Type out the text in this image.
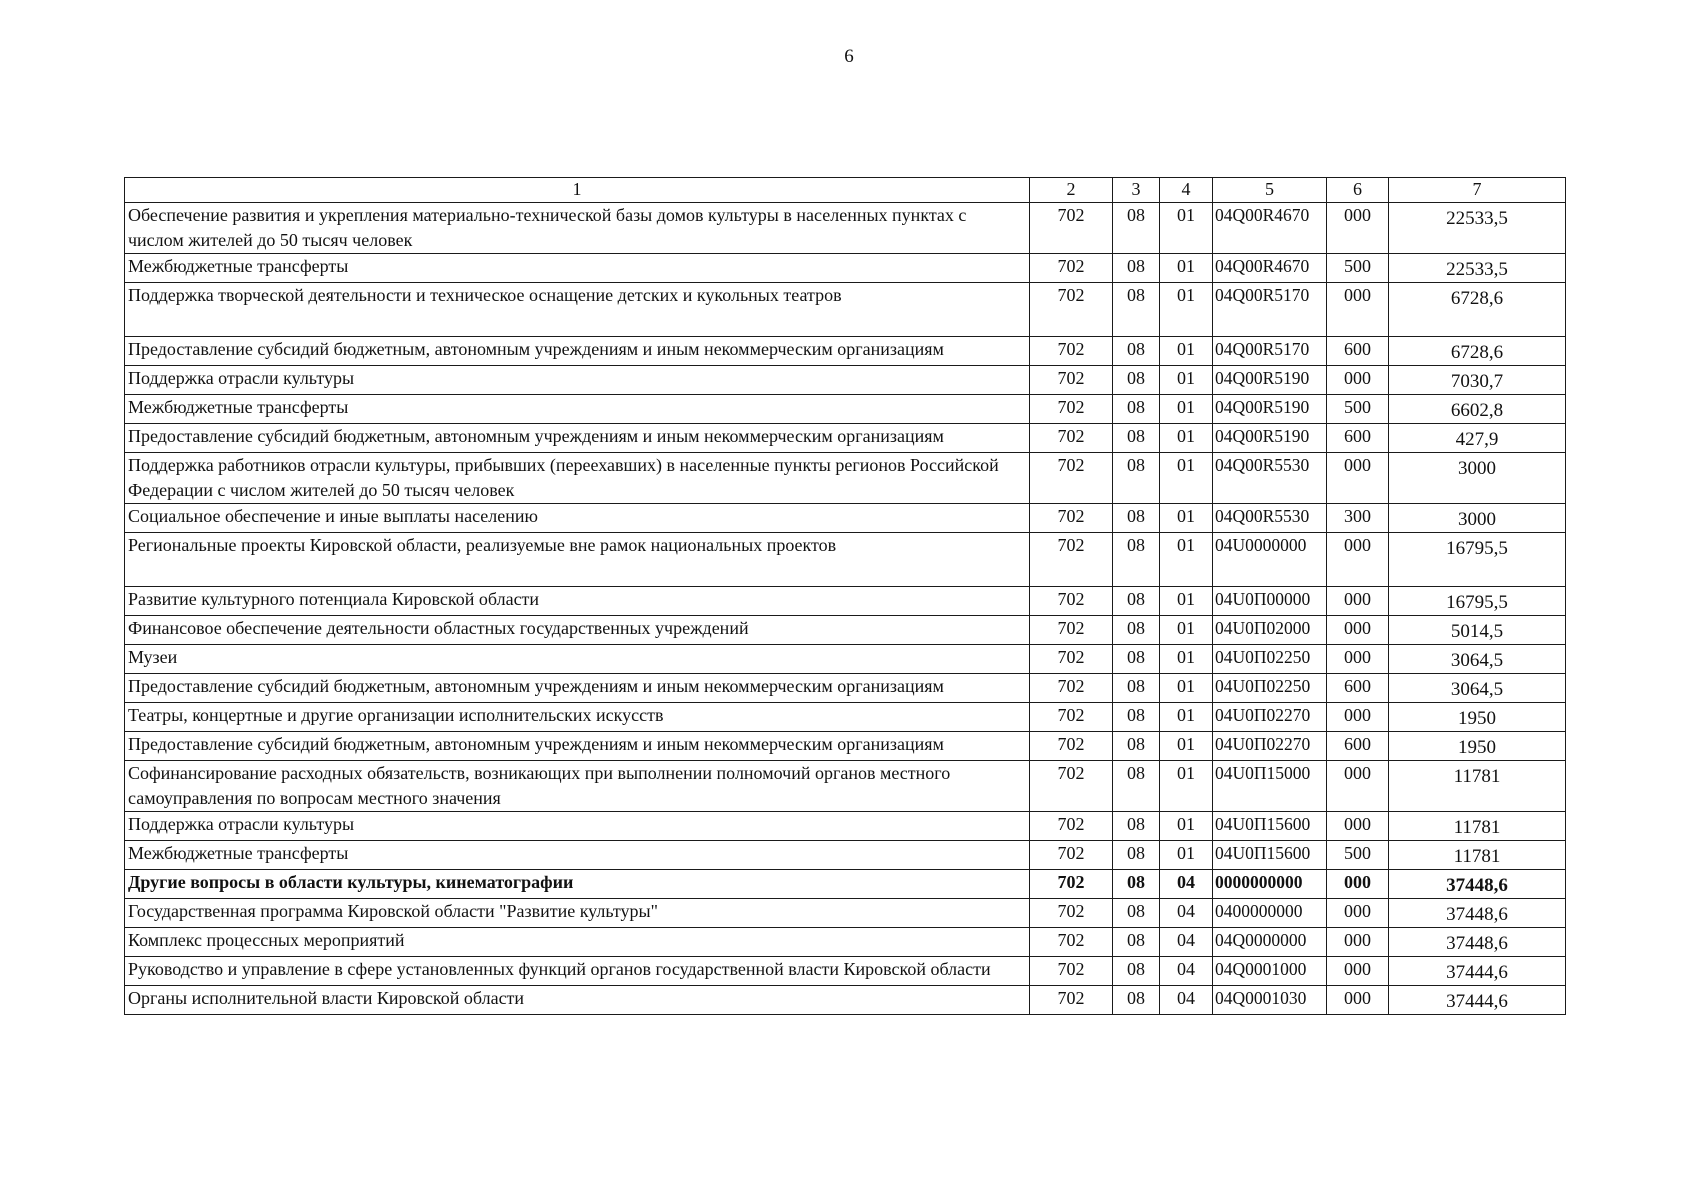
6
1	2	3	4	5	6	7
Обеспечение развития и укрепления материально-технической базы домов культуры в населенных пунктах с числом жителей до 50 тысяч человек	702	08	01	04Q00R4670	000	22533,5
Межбюджетные трансферты	702	08	01	04Q00R4670	500	22533,5
Поддержка творческой деятельности и техническое оснащение детских и кукольных театров	702	08	01	04Q00R5170	000	6728,6
Предоставление субсидий бюджетным, автономным учреждениям и иным некоммерческим организациям	702	08	01	04Q00R5170	600	6728,6
Поддержка отрасли культуры	702	08	01	04Q00R5190	000	7030,7
Межбюджетные трансферты	702	08	01	04Q00R5190	500	6602,8
Предоставление субсидий бюджетным, автономным учреждениям и иным некоммерческим организациям	702	08	01	04Q00R5190	600	427,9
Поддержка работников отрасли культуры, прибывших (переехавших) в населенные пункты регионов Российской Федерации с числом жителей до 50 тысяч человек	702	08	01	04Q00R5530	000	3000
Социальное обеспечение и иные выплаты населению	702	08	01	04Q00R5530	300	3000
Региональные проекты Кировской области, реализуемые вне рамок национальных проектов	702	08	01	04U0000000	000	16795,5
Развитие культурного потенциала Кировской области	702	08	01	04U0П00000	000	16795,5
Финансовое обеспечение деятельности областных государственных учреждений	702	08	01	04U0П02000	000	5014,5
Музеи	702	08	01	04U0П02250	000	3064,5
Предоставление субсидий бюджетным, автономным учреждениям и иным некоммерческим организациям	702	08	01	04U0П02250	600	3064,5
Театры, концертные и другие организации исполнительских искусств	702	08	01	04U0П02270	000	1950
Предоставление субсидий бюджетным, автономным учреждениям и иным некоммерческим организациям	702	08	01	04U0П02270	600	1950
Софинансирование расходных обязательств, возникающих при выполнении полномочий органов местного самоуправления по вопросам местного значения	702	08	01	04U0П15000	000	11781
Поддержка отрасли культуры	702	08	01	04U0П15600	000	11781
Межбюджетные трансферты	702	08	01	04U0П15600	500	11781
Другие вопросы в области культуры, кинематографии	702	08	04	0000000000	000	37448,6
Государственная программа Кировской области "Развитие культуры"	702	08	04	0400000000	000	37448,6
Комплекс процессных мероприятий	702	08	04	04Q0000000	000	37448,6
Руководство и управление в сфере установленных функций органов государственной власти Кировской области	702	08	04	04Q0001000	000	37444,6
Органы исполнительной власти Кировской области	702	08	04	04Q0001030	000	37444,6
